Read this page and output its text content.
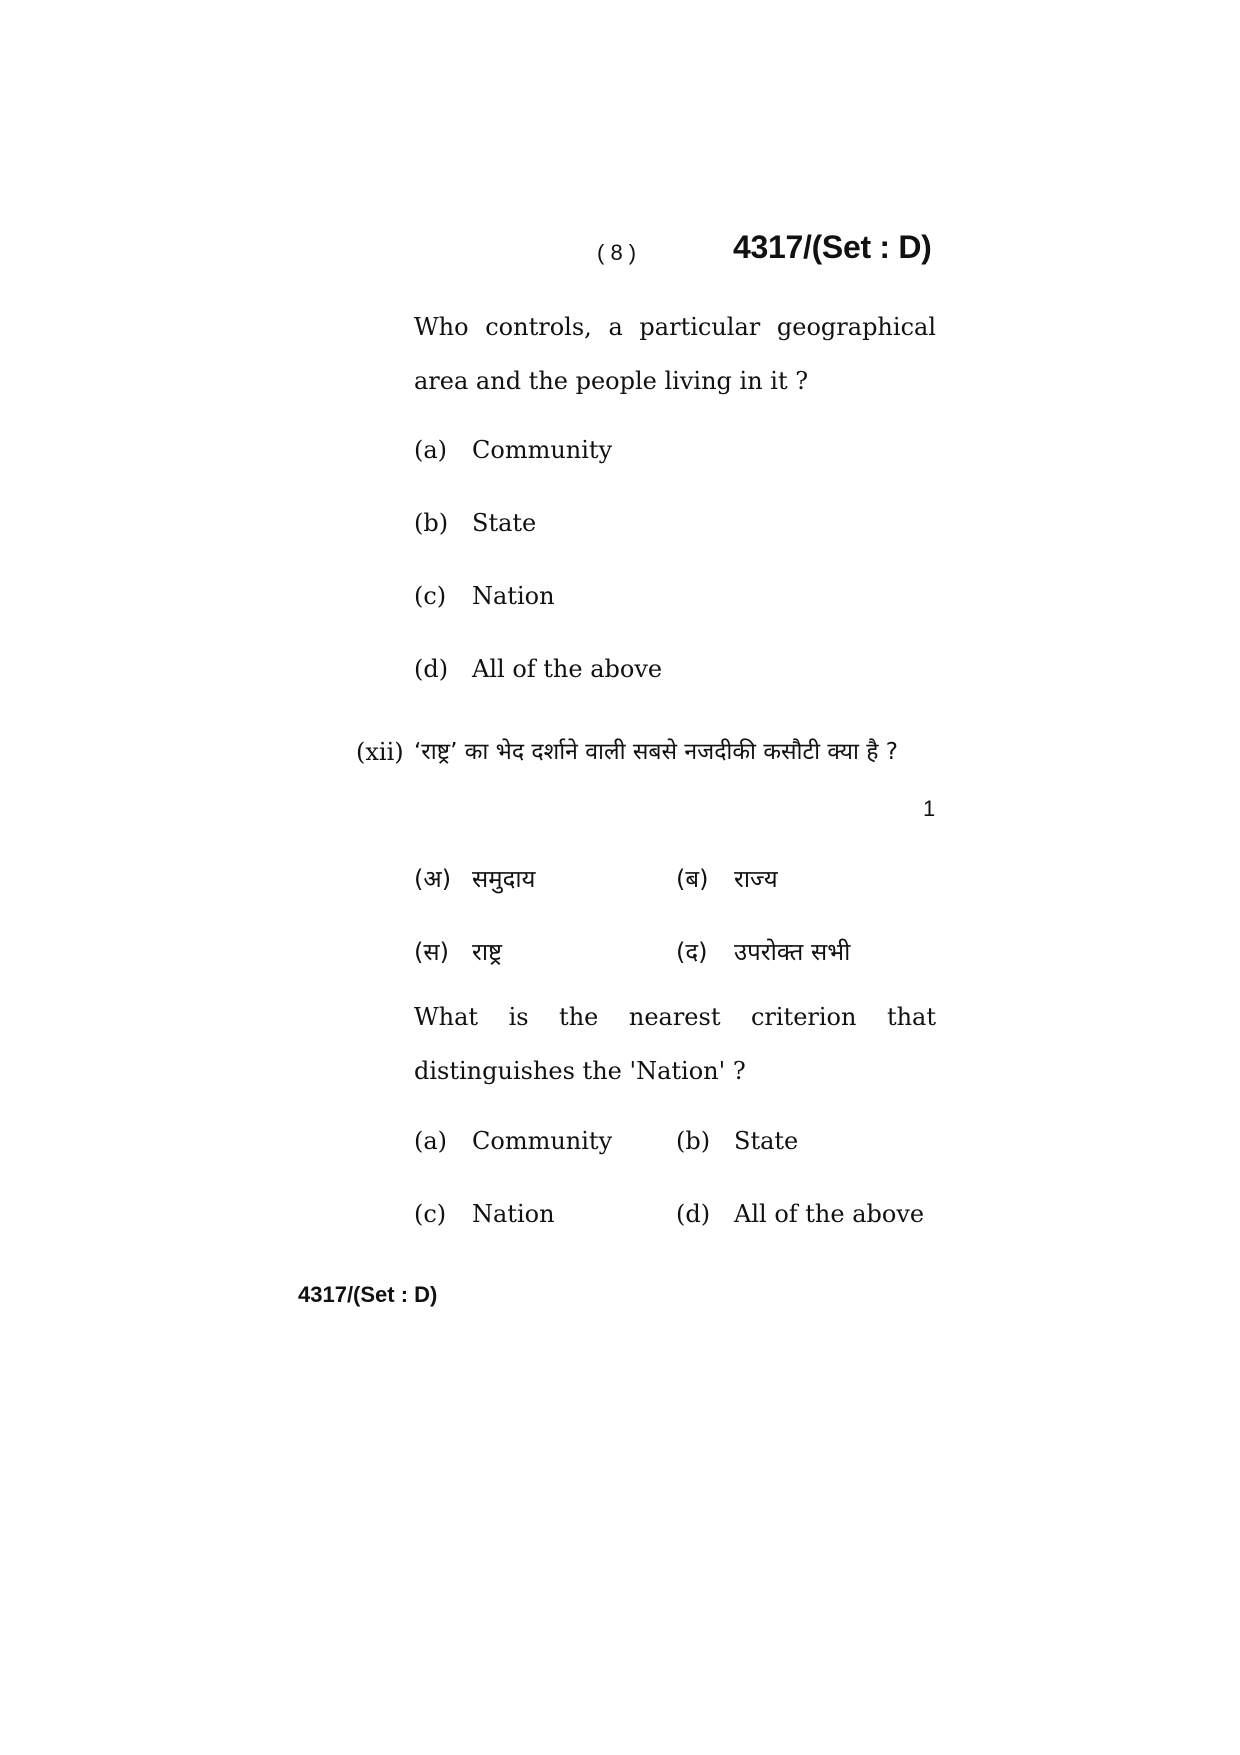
( 8 )	4317/(Set : D)
Who controls, a particular geographical area and the people living in it ?
(a) Community
(b) State
(c) Nation
(d) All of the above
(xii) ‘राष्ट्र’ का भेद दर्शाने वाली सबसे नजदीकी कसौटी क्या है ?
1
(अ) समुदाय	(ब) राज्य
(स) राष्ट्र	(द) उपरोक्त सभी
What is the nearest criterion that distinguishes the 'Nation' ?
(a) Community	(b) State
(c) Nation	(d) All of the above
4317/(Set : D)
